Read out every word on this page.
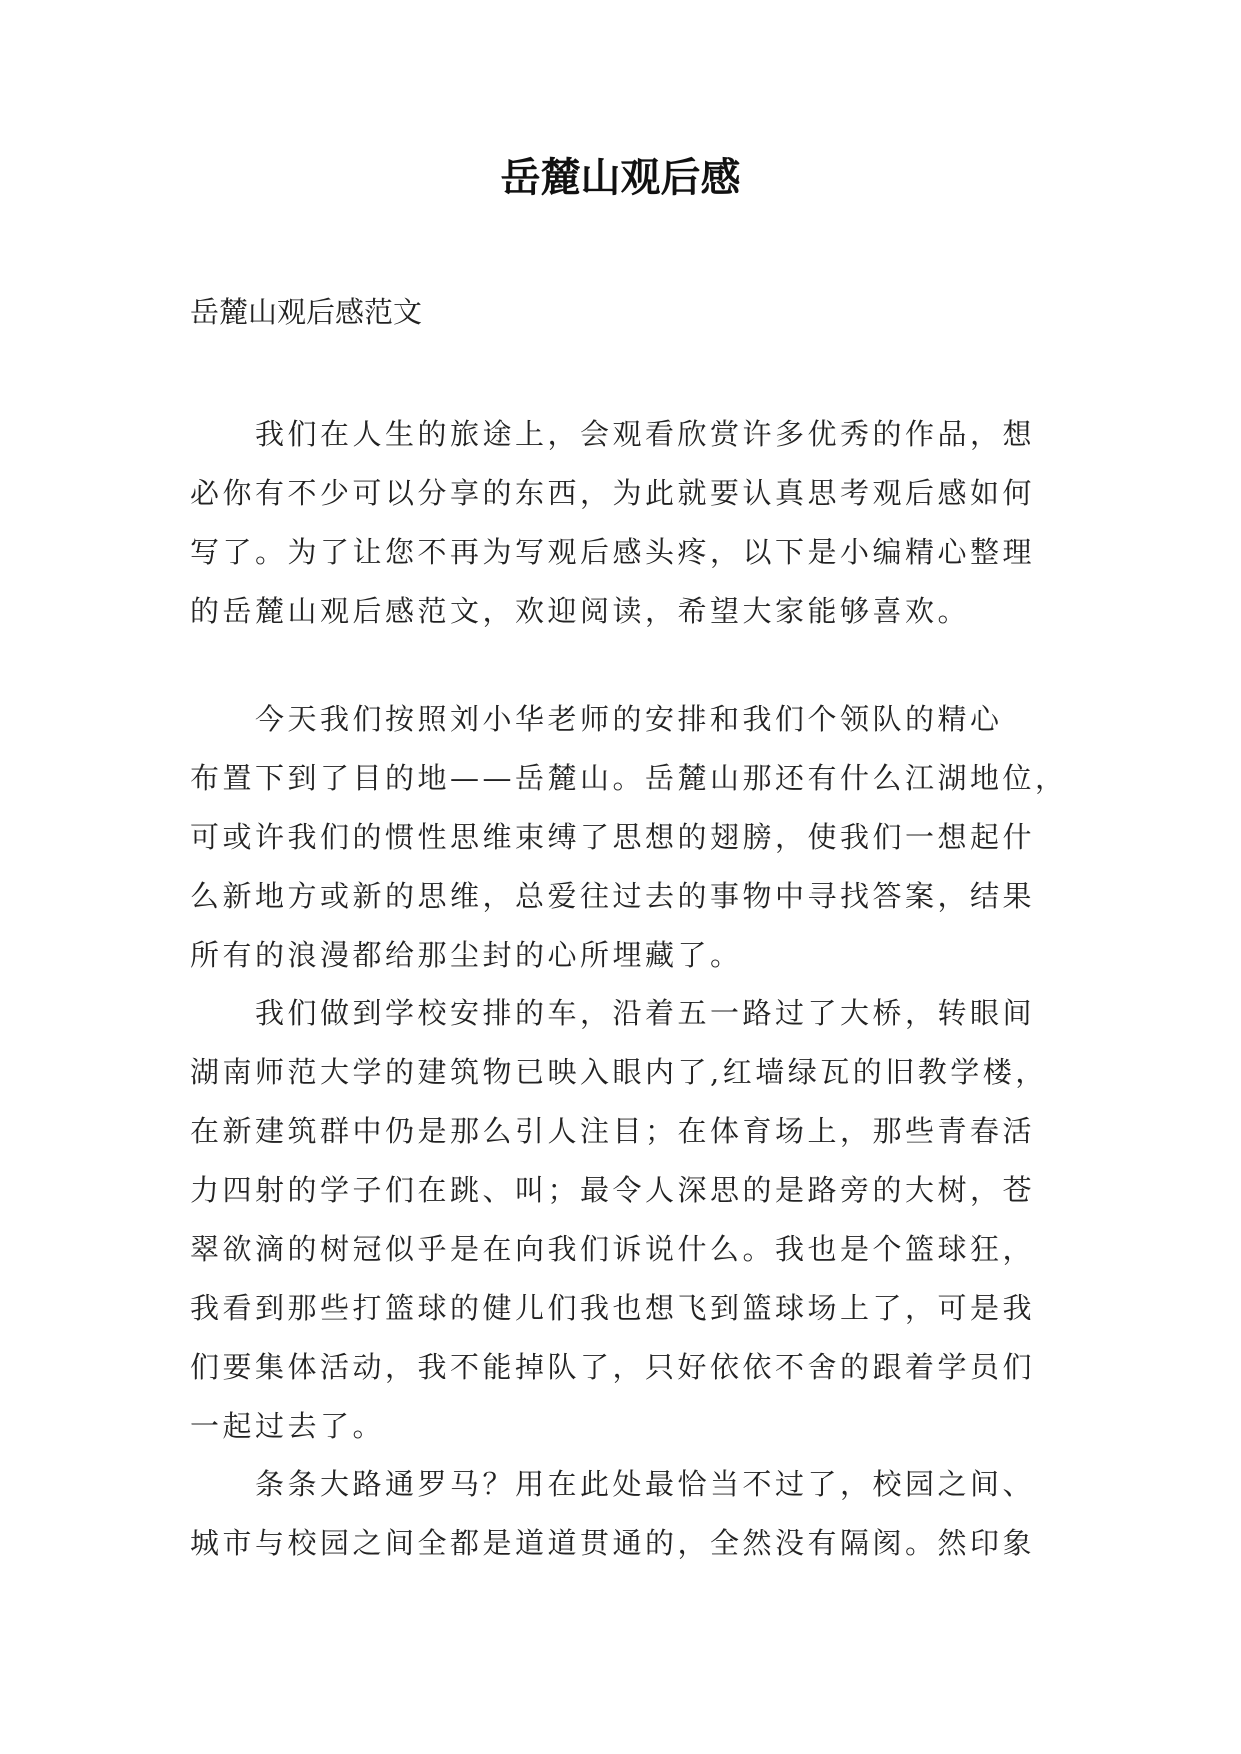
岳麓山观后感

岳麓山观后感范文

　　我们在人生的旅途上，会观看欣赏许多优秀的作品，想
必你有不少可以分享的东西，为此就要认真思考观后感如何
写了。为了让您不再为写观后感头疼，以下是小编精心整理
的岳麓山观后感范文，欢迎阅读，希望大家能够喜欢。
　　今天我们按照刘小华老师的安排和我们个领队的精心
布置下到了目的地——岳麓山。岳麓山那还有什么江湖地位，
可或许我们的惯性思维束缚了思想的翅膀，使我们一想起什
么新地方或新的思维，总爱往过去的事物中寻找答案，结果
所有的浪漫都给那尘封的心所埋藏了。
　　我们做到学校安排的车，沿着五一路过了大桥，转眼间
湖南师范大学的建筑物已映入眼内了,红墙绿瓦的旧教学楼，
在新建筑群中仍是那么引人注目；在体育场上，那些青春活
力四射的学子们在跳、叫；最令人深思的是路旁的大树，苍
翠欲滴的树冠似乎是在向我们诉说什么。我也是个篮球狂，
我看到那些打篮球的健儿们我也想飞到篮球场上了，可是我
们要集体活动，我不能掉队了，只好依依不舍的跟着学员们
一起过去了。
　　条条大路通罗马？用在此处最恰当不过了，校园之间、
城市与校园之间全都是道道贯通的，全然没有隔阂。然印象
